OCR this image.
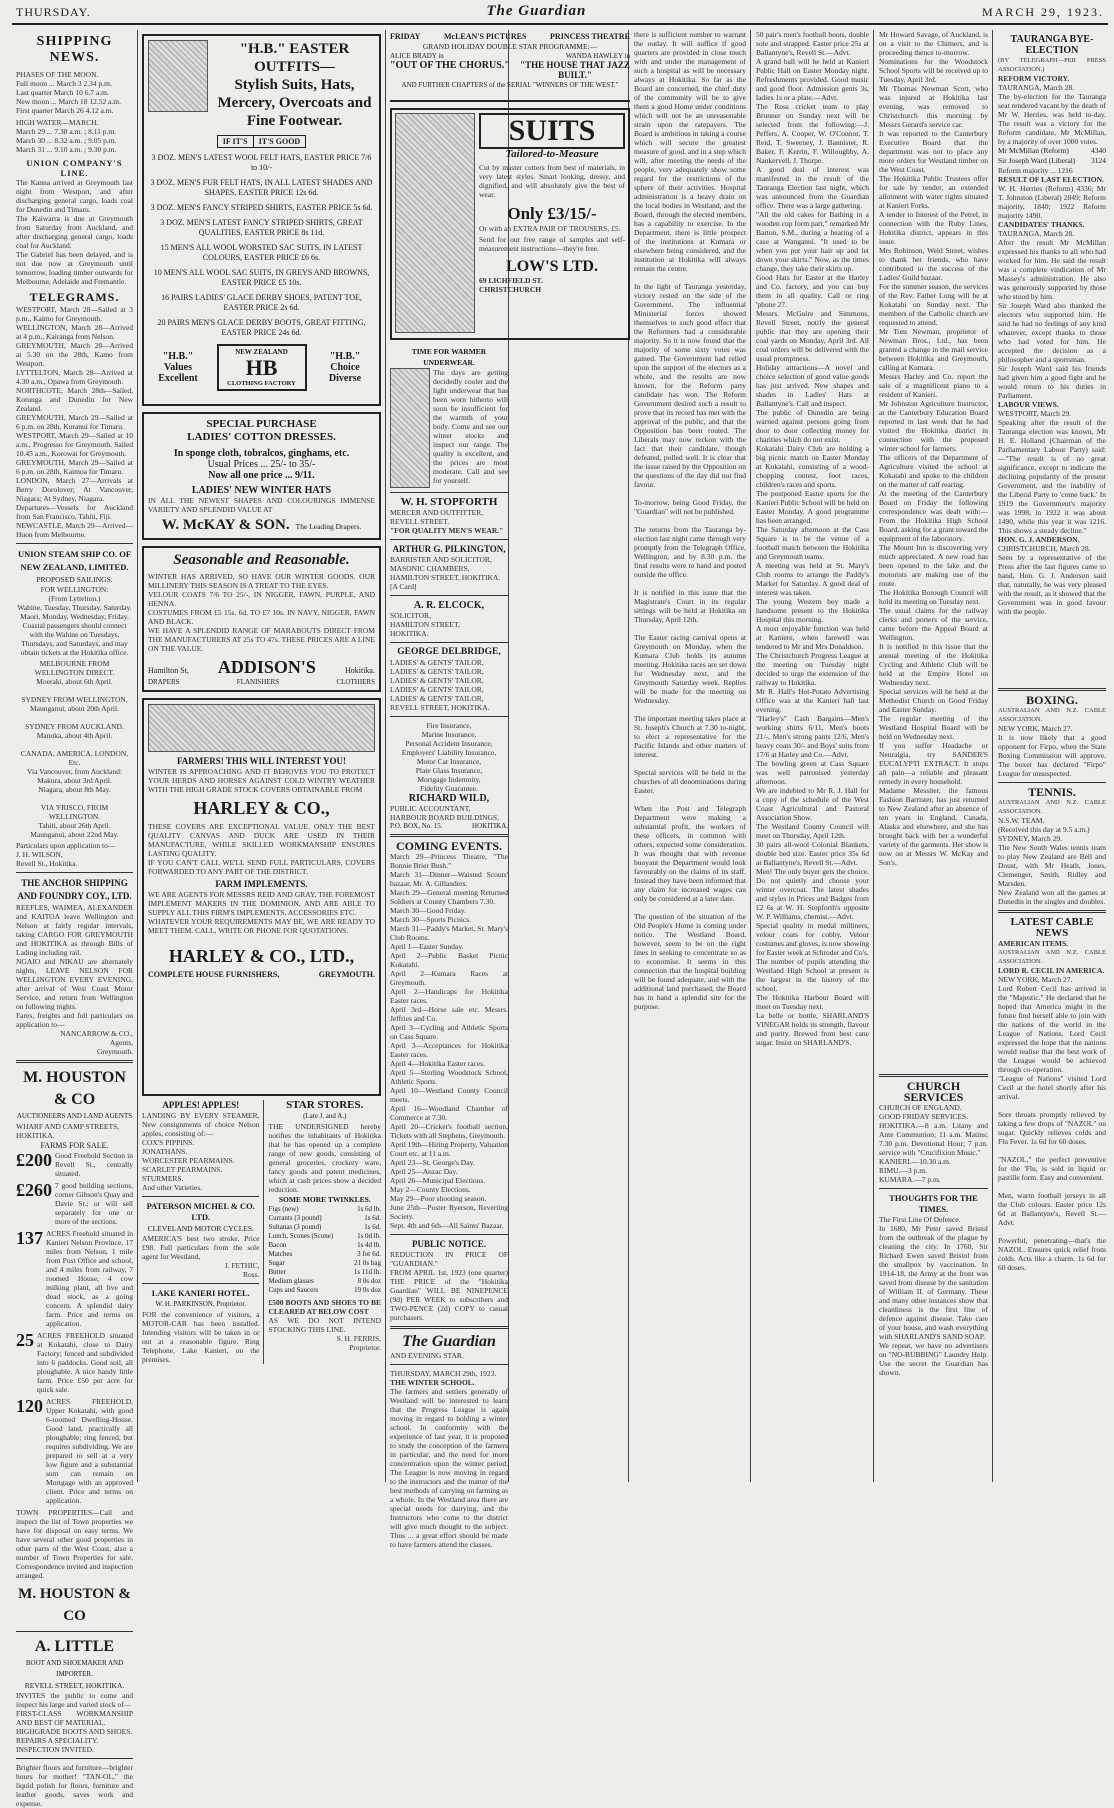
THURSDAY.	The Guardian	MARCH 29, 1923.
SHIPPING NEWS.
PHASES OF THE MOON.
Full moon ... March 3 2.34 p.m.
Last quarter March 10 6.7 a.m.
New moon ... March 18 12.52 a.m.
First quarter March 26 4.12 a.m.
HIGH WATER—MARCH.
March 29 ... 7.38 a.m. ; 8.11 p.m.
March 30 ... 8.32 a.m. ; 9.05 p.m.
March 31 ... 9.10 a.m. ; 9.30 p.m.
UNION COMPANY'S LINE.
The Kanna arrived at Greymouth last night from Westport, and after discharging general cargo, loads coal for Dunedin and Timaru.
The Kaiwarra is due at Greymouth from Saturday from Auckland, and after discharging general cargo, loads coal for Auckland.
The Gabriel has been delayed, and is not due now at Greymouth until tomorrow, loading timber outwards for Melbourne, Adelaide and Fremantle.
TELEGRAMS.
WESTPORT, March 28—Sailed at 3 p.m., Kaimo for Greymouth.
WELLINGTON, March 28—Arrived at 4 p.m., Kairanga from Nelson.
GREYMOUTH, March 28—Arrived at 5.30 on the 28th, Kamo from Westport.
LYTTELTON, March 28—Arrived at 4.30 a.m., Opawa from Greymouth.
NORTHCOTE, March 28th—Sailed, Kotunga and Dunedin for New Zealand.
GREYMOUTH, March 29—Sailed at 6 p.m. on 28th, Koranui for Timaru.
WESTPORT, March 29—Sailed at 10 a.m., Progresso for Greymouth. Sailed 10.45 a.m., Korowai for Greymouth.
GREYMOUTH, March 29—Sailed at 6 p.m. on 28th, Kaimoa for Timaru.
LONDON, March 27—Arrivals at Berry Dorolover; At Vancouver, Niagara; At Sydney, Niagara.
Departures—Vessels for Auckland from San Francisco, Tahiti, Fiji.
NEWCASTLE, March 29—Arrived—Huon from Melbourne.
UNION STEAM SHIP CO. OF NEW ZEALAND, LIMITED.
PROPOSED SAILINGS.
FOR WELLINGTON:
(From Lyttelton.)
Wahine, Tuesday, Thursday, Saturday.
Maori, Monday, Wednesday, Friday.
Coastal passengers should connect with the Wahine on Tuesdays, Thursdays, and Saturdays, and may obtain tickets at the Hokitika office.
MELBOURNE FROM WELLINGTON DIRECT.
Moeraki, about 6th April.

SYDNEY FROM WELLINGTON.
Maunganui, about 20th April.

SYDNEY FROM AUCKLAND.
Manuka, about 4th April.

CANADA, AMERICA, LONDON, Etc.
Via Vancouver, from Auckland:
Makura, about 3rd April.
Niagara, about 8th May.

VIA 'FRISCO, FROM WELLINGTON.
Tahiti, about 26th April.
Maunganui, about 22nd May.
Particulars upon application to—
J. H. WILSON,
Revell St., Hokitika.
THE ANCHOR SHIPPING AND FOUNDRY COY., LTD.
REEFLES, WAIMEA, ALEXANDER and KAITOA leave Wellington and Nelson at fairly regular intervals, taking CARGO FOR GREYMOUTH and HOKITIKA as through Bills of Lading including rail.
NGAIO and NIKAU are alternately nights, LEAVE NELSON FOR WELLINGTON EVERY EVENING, after arrival of West Coast Motor Service, and return from Wellington on following nights.
Fares, freights and full particulars on application to—
NANCARROW & CO.,
Agents,
Greymouth.
M. HOUSTON & CO
AUCTIONEERS AND LAND AGENTS
WHARF AND CAMP STREETS,
HOKITIKA.
FARMS FOR SALE.
£200 Good Freehold Section in Revell St., centrally situated.
£260 7 good building sections, corner Gibson's Quay and Davie St.; or will sell separately for one or more of the sections.
137 ACRES Freehold situated in Kanieri Nelson Province, 17 miles from Nelson, 1 mile from Post Office and school, and 4 miles from railway, 7 roomed House, 4 cow milking plant, all live and dead stock, as a going concern. A splendid dairy farm. Price and terms on application.
25 ACRES FREEHOLD situated at Kokatahi, close to Dairy Factory; fenced and subdivided into 6 paddocks. Good soil, all ploughable. A nice handy little farm. Price £50 per acre for quick sale.
120 ACRES FREEHOLD, Upper Kokatahi, with good 6-roomed Dwelling-House. Good land, practically all ploughable; ring fenced, but requires subdividing. We are prepared to sell at a very low figure and a substantial sum can remain on Mortgage with an approved client. Price and terms on application.
TOWN PROPERTIES—Call and inspect the list of Town properties we have for disposal on easy terms. We have several other good properties in other parts of the West Coast, also a number of Town Properties for sale. Correspondence invited and inspection arranged.
M. HOUSTON & CO
A. LITTLE
BOOT AND SHOEMAKER AND IMPORTER.
REVELL STREET, HOKITIKA.
INVITES the public to come and inspect his large and varied stock of—
FIRST-CLASS WORKMANSHIP AND BEST OF MATERIAL.
HIGHGRADE BOOTS AND SHOES.
REPAIRS A SPECIALITY.
INSPECTION INVITED.
Brighter floors and furniture—brighter hours for mother! "TAN-OL," the liquid polish for floors, furniture and leather goods, saves work and expense.
"H.B." EASTER OUTFITS—
Stylish Suits, Hats, Mercery, Overcoats and Fine Footwear.
IF IT'S	IT'S GOOD
3 DOZ. MEN'S LATEST WOOL FELT HATS, EASTER PRICE 7/6 to 10/-
3 DOZ. MEN'S FUR FELT HATS, IN ALL LATEST SHADES AND SHAPES, EASTER PRICE 12s 6d.
3 DOZ. MEN'S FANCY STRIPED SHIRTS, EASTER PRICE 5s 6d.
3 DOZ. MEN'S LATEST FANCY STRIPED SHIRTS, GREAT QUALITIES, EASTER PRICE 8s 11d.
15 MEN'S ALL WOOL WORSTED SAC SUITS, IN LATEST COLOURS, EASTER PRICE £6 6s.
10 MEN'S ALL WOOL SAC SUITS, IN GREYS AND BROWNS, EASTER PRICE £5 10s.
16 PAIRS LADIES' GLACE DERBY SHOES, PATENT TOE, EASTER PRICE 2s 6d.
20 PAIRS MEN'S GLACE DERBY BOOTS, GREAT FITTING, EASTER PRICE 24s 6d.
"H.B."
Values
Excellent
NEW ZEALAND
HB
CLOTHING FACTORY
"H.B."
Choice
Diverse
SPECIAL PURCHASE
LADIES' COTTON DRESSES.
In sponge cloth, tobralcos, ginghams, etc.
Usual Prices ... 25/- to 35/-
Now all one price ... 9/11.
LADIES' NEW WINTER HATS
IN ALL THE NEWEST SHAPES AND COLOURINGS IMMENSE VARIETY AND SPLENDID VALUE AT
W. McKAY & SON. The Leading Drapers.
Seasonable and Reasonable.
WINTER HAS ARRIVED, SO HAVE OUR WINTER GOODS. OUR MILLINERY THIS SEASON IS A TREAT TO THE EYES.
VELOUR COATS 7/6 TO 25/-, IN NIGGER, FAWN, PURPLE, AND HENNA.
COSTUMES FROM £5 15s. 6d. TO £7 10s. IN NAVY, NIGGER, FAWN AND BLACK.
WE HAVE A SPLENDID RANGE OF MARABOUTS DIRECT FROM THE MANUFACTURERS AT 25s TO 47s. THESE PRICES ARE A LINE ON THE VALUE.
Hamilton St, ADDISON'S	Hokitika.
DRAPERS	FLANISHERS	CLOTHIERS
FARMERS! THIS WILL INTEREST YOU!
WINTER IS APPROACHING AND IT BEHOVES YOU TO PROTECT YOUR HERDS AND HORSES AGAINST COLD WINTRY WEATHER WITH THE HIGH GRADE STOCK COVERS OBTAINABLE FROM
HARLEY & CO.,
THESE COVERS ARE EXCEPTIONAL VALUE. ONLY THE BEST QUALITY CANVAS AND DUCK ARE USED IN THEIR MANUFACTURE, WHILE SKILLED WORKMANSHIP ENSURES LASTING QUALITY.
IF YOU CAN'T CALL WE'LL SEND FULL PARTICULARS, COVERS FORWARDED TO ANY PART OF THE DISTRICT.
FARM IMPLEMENTS.
WE ARE AGENTS FOR MESSRS REID AND GRAY, THE FOREMOST IMPLEMENT MAKERS IN THE DOMINION, AND ARE ABLE TO SUPPLY ALL THIS FIRM'S IMPLEMENTS, ACCESSORIES ETC.
WHATEVER YOUR REQUIREMENTS MAY BE, WE ARE READY TO MEET THEM. CALL, WRITE OR PHONE FOR QUOTATIONS.
HARLEY & CO., LTD.,
COMPLETE HOUSE FURNISHERS,	GREYMOUTH.
APPLES! APPLES!
LANDING BY EVERY STEAMER, New consignments of choice Nelson apples, consisting of:—
COX'S PIPPINS.
JONATHANS.
WORCESTER PEARMAINS.
SCARLET PEARMAINS.
STURMERS.
And other Varieties.
PATERSON MICHEL & CO. LTD.
CLEVELAND MOTOR CYCLES.
AMERICA'S best two stroke. Price £98. Full particulars from the sole agent for Westland,
J. FETHIC,
Ross.
LAKE KANIERI HOTEL.
W. H. PARKINSON, Proprietor.
FOR the convenience of visitors, a MOTOR-CAR has been installed. Intending visitors will be taken in or out at a reasonable figure. Ring Telephone, Lake Kanieri, on the premises.
STAR STORES.
(Late J. and A.)
THE UNDERSIGNED hereby notifies the inhabitants of Hokitika that he has opened up a complete range of new goods, consisting of general groceries, crockery ware, fancy goods and patent medicines, which at cash prices show a decided reduction.
SOME MORE TWINKLES.
Figs (new)	1s 6d lb.
Currants (3 pound)	1s 6d.
Sultanas (3 pound)	1s 6d.
Lunch, Scones (Scone)	1s 0d lb.
Bacon	1s 4d lb.
Matches	3 for 6d.
Sugar	21 0s bag
Butter	1s 11d lb.
Medium glasses	8 0s doz
Cups and Saucers	19 0s doz
£500 BOOTS AND SHOES TO BE CLEARED AT BELOW COST
AS WE DO NOT INTEND STOCKING THIS LINE.
S. H. FERRIS,
Proprietor.
FRIDAY	McLEAN'S PICTURES	PRINCESS THEATRE
GRAND HOLIDAY DOUBLE STAR PROGRAMME:—
ALICE BRADY in	WANDA HAWLEY in
"OUT OF THE CHORUS." "THE HOUSE THAT JAZZ BUILT."
AND FURTHER CHAPTERS of the SERIAL "WINNERS OF THE WEST."
SUITS
Tailored-to-Measure
Cut by master cutters from best of materials, in very latest styles. Smart looking, dressy, and dignified, and will absolutely give the best of wear.
Only £3/15/-
Or with an EXTRA PAIR OF TROUSERS, £5.
Send for our free range of samples and self-measurement instructions—they're free.
LOW'S LTD.
69 LICHFIELD ST.
CHRISTCHURCH
TIME FOR WARMER UNDERWEAR.
The days are getting decidedly cooler and the light underwear that has been worn hitherto will soon be insufficient for the warmth of your body. Come and see our winter stocks and inspect our range. The quality is excellent, and the prices are most moderate. Call and see for yourself.
W. H. STOPFORTH
MERCER AND OUTFITTER,
REVELL STREET.
"FOR QUALITY MEN'S WEAR."
ARTHUR G. PILKINGTON,
BARRISTER AND SOLICITOR,
MASONIC CHAMBERS,
HAMILTON STREET, HOKITIKA.
[A Card]
A. R. ELCOCK,
SOLICITOR,
HAMILTON STREET,
HOKITIKA.
GEORGE DELBRIDGE,
LADIES' & GENTS' TAILOR,
LADIES' & GENTS' TAILOR,
LADIES' & GENTS' TAILOR,
LADIES' & GENTS' TAILOR,
LADIES' & GENTS' TAILOR,
REVELL STREET, HOKITIKA.
Fire Insurance,
Marine Insurance,
Personal Accident Insurance,
Employers' Liability Insurance,
Motor Car Insurance,
Plate Glass Insurance,
Mortgage Indemnity,
Fidelity Guarantee.
RICHARD WILD,
PUBLIC ACCOUNTANT,
HARBOUR BOARD BUILDINGS,
P.O. BOX, No. 15.	HOKITIKA.
COMING EVENTS.
March 29—Princess Theatre, "The Bonnie Brier Bush."
March 31—Dinner—Waisted Scouts' bazaar, Mr. A. Gillanders.
March 29—General meeting Returned Soldiers at County Chambers 7.30.
March 30—Good Friday.
March 30—Sports Picnics.
March 31—Paddy's Market, St. Mary's Club Rooms.
April 1—Easter Sunday.
April 2—Public Basket Picnic Kokatahi.
April 2—Kumara Races at Greymouth.
April 2—Handicaps for Hokitika Easter races.
April 3rd—Horse sale etc. Messrs. Jeffries and Co.
April 3—Cycling and Athletic Sports on Cass Square.
April 3—Acceptances for Hokitika Easter races.
April 4—Hokitika Easter races.
April 5—Sterling Woodstock School, Athletic Sports.
April 10—Westland County Council meets.
April 16—Woodland Chamber of Commerce at 7.30.
April 20—Cricket's football section, Tickets with all Stephens, Greymouth.
April 19th—Hiring Property, Valuation Court etc. at 11 a.m.
April 23—St. George's Day.
April 25—Anzac Day.
April 26—Municipal Elections.
May 2—County Elections.
May 29—Poor shooting season.
June 25th—Poster Ryerson, Reverting Society.
Sept. 4th and 6th—All Saints' Bazaar.
PUBLIC NOTICE.
REDUCTION IN PRICE OF "GUARDIAN."
FROM APRIL 1st, 1923 (one quarter) THE PRICE of the "Hokitika Guardian" WILL BE NINEPENCE (9d) PER WEEK to subscribers and TWO-PENCE (2d) COPY to casual purchasers.
The Guardian
AND EVENING STAR.
THURSDAY, MARCH 29th, 1923.
THE WINTER SCHOOL.
The farmers and settlers generally of Westland will be interested to learn that the Progress League is again moving in regard to holding a winter school. In conformity with the experience of last year, it is proposed to study the conception of the farmers in particular, and the need for more concentration upon the winter period. The League is now moving in regard to the instructors and the matter of the best methods of carrying on farming as a whole. In the Westland area there are special needs for dairying, and the Instructors who come to the district will give much thought to the subject. Thus ... a great effort should be made to have farmers attend the classes.
there is sufficient number to warrant the outlay. It will suffice if good quarters are provided in close touch with and under the management of such a hospital as will be necessary always at Hokitika. So far as the Board are concerned, the chief duty of the community will be to give them a good Home under conditions which will not be an unreasonable strain upon the ratepayers. The Board is ambitious in taking a course which will secure the greatest measure of good, and in a step which will, after meeting the needs of the people, very adequately show some regard for the restrictions of the sphere of their activities. Hospital administration is a heavy drain on the local bodies in Westland, and the Board, through the elected members, has a capability to exercise. In the Department, there is little prospect of the institutions at Kumara or elsewhere being considered, and the institution at Hokitika will always remain the centre.

In the light of Tauranga yesterday, victory rested on the side of the Government. The influential Ministerial forces showed themselves to such good effect that the Reformers had a considerable majority. So it is now found that the majority of some sixty votes was gained. The Government had relied upon the support of the electors as a whole, and the results are now known, for the Reform party candidate has won. The Reform Government desired such a result to prove that its record has met with the approval of the public, and that the Opposition has been routed. The Liberals may now reckon with the fact that their candidate, though defeated, polled well. It is clear that the issue raised by the Opposition on the questions of the day did not find favour.

To-morrow, being Good Friday, the "Guardian" will not be published.

The returns from the Tauranga by-election last night came through very promptly from the Telegraph Office, Wellington, and by 8.30 p.m. the final results were to hand and posted outside the office.

It is notified in this issue that the Magistrate's Court in its regular sittings will be held at Hokitika on Thursday, April 12th.

The Easter racing carnival opens at Greymouth on Monday, when the Kumara Club holds its autumn meeting. Hokitika races are set down for Wednesday next, and the Greymouth Saturday week. Replies will be made for the meeting on Wednesday.

The important meeting takes place at St. Joseph's Church at 7.30 to-night, to elect a representative for the Pacific Islands and other matters of interest.

Special services will be held in the churches of all denominations during Easter.

When the Post and Telegraph Department were making a substantial profit, the workers of these officers, in common with others, expected some consideration. It was thought that with revenue buoyant the Department would look favourably on the claims of its staff. Instead they have been informed that any claim for increased wages can only be considered at a later date.

The question of the situation of the Old People's Home is coming under notice. The Westland Board, however, seem to be on the right lines in seeking to concentrate so as to economise. It seems in this connection that the hospital building will be found adequate, and with the additional land purchased, the Board has in hand a splendid site for the purpose.
50 pair's men's football boots, double sole and strapped. Easter price 25s at Ballantyne's, Revell St.—Advt.
A grand ball will be held at Kanieri Public Hall on Easter Monday night. Refreshments provided. Good music and good floor. Admission gents 3s, ladies 1s or a plate.—Advt.
The Ross cricket team to play Brunner on Sunday next will be selected from the following:—J. Peffers, A. Cooper, W. O'Connor, T. Reid, T. Sweeney, J. Bannister, R. Baker, F. Kerrin, F. Willoughby, A. Nankervell, J. Thorpe.
A good deal of interest was manifested in the result of the Tauranga Election last night, which was announced from the Guardian office. There was a large gathering.
"All the old cakes for Bathing in a wooden cup form part," remarked Mr Barton, S.M., during a hearing of a case at Wanganui. "It used to be when you put your hair up and let down your skirts." Now, as the times change, they take their skirts up.
Good Hats for Easter at the Harley and Co. factory, and you can buy them in all quality. Call or ring 'phone 27.
Messrs. McGuire and Simmons, Revell Street, notify the general public that they are opening their coal yards on Monday, April 3rd. All coal orders will be delivered with the usual promptness.
Holiday attractions—A novel and choice selection of good value goods has just arrived. New shapes and shades in Ladies' Hats at Ballantyne's. Call and inspect.
The public of Dunedin are being warned against persons going from door to door collecting money for charities which do not exist.
Kokatahi Dairy Club are holding a big picnic match on Easter Monday at Kokatahi, consisting of a wood-chopping contest, foot races, children's races and sports.
The postponed Easter sports for the Kanieri Public School will be held on Easter Monday. A good programme has been arranged.
The Saturday afternoon at the Cass Square is to be the venue of a football match between the Hokitika and Greymouth teams.
A meeting was held at St. Mary's Club rooms to arrange the Paddy's Market for Saturday. A good deal of interest was taken.
The young Western boy made a handsome present to the Hokitika Hospital this morning.
A most enjoyable function was held at Kaniere, when farewell was tendered to Mr and Mrs Donaldson.
The Christchurch Progress League at the meeting on Tuesday night decided to urge the extension of the railway to Hokitika.
Mr R. Hall's Hot-Potato Advertising Office was at the Kanieri hall last evening.
"Harley's" Cash Bargains—Men's working shirts 6/11, Men's boots 21/-, Men's strong pants 12/6, Men's heavy coats 30/- and Boys' suits from 17/6 at Harley and Co.—Advt.
The bowling green at Cass Square was well patronised yesterday afternoon.
We are indebted to Mr R. J. Hall for a copy of the schedule of the West Coast Agricultural and Pastoral Association Show.
The Westland County Council will meet on Thursday, April 12th.
30 pairs all-wool Colonial Blankets, double bed size. Easter price 35s 6d at Ballantyne's, Revell St.—Advt.
Men! The only buyer gets the choice. Do not quietly and choose your winter overcoat. The latest shades and styles in Prices and Badges from £2 6s at W. H. Stopforth's opposite W. P. Williams, chemist.—Advt.
Special quality in medal milliners, velour coats for cobby, Velour costumes and gloves, is now showing for Easter week at Schroder and Co's.
The number of pupils attending the Westland High School at present is the largest in the history of the school.
The Hokitika Harbour Board will meet on Tuesday next.
La belle or bottle, SHARLAND'S VINEGAR holds its strength, flavour and purity. Brewed from best cane sugar. Insist on SHARLAND'S.
Mr Howard Savage, of Auckland, is on a visit to the Chimers, and is proceeding thence to-morrow.
Nominations for the Woodstock School Sports will be received up to Tuesday, April 3rd.
Mr Thomas Newman Scott, who was injured at Hokitika last evening, was removed to Christchurch this morning by Messrs Gerard's service car.
It was reported to the Canterbury Executive Board that the department was not to place any more orders for Westland timber on the West Coast.
The Hokitika Public Trustees offer for sale by tender, an extended allotment with water rights situated at Kanieri Forks.
A tender to Interest of the Petrel, in connection with the Ruby Lines, Hokitika district, appears in this issue.
Mrs Robinson, Weld Street, wishes to thank her friends, who have contributed to the success of the Ladies' Guild bazaar.
For the summer season, the services of the Rev. Father Long will be at Kokatahi on Sunday next. The members of the Catholic church are requested to attend.
Mr Tom Newman, proprietor of Newman Bros., Ltd., has been granted a change in the mail service between Hokitika and Greymouth, calling at Kumara.
Messrs Harley and Co. report the sale of a magnificent piano to a resident of Kanieri.
Mr Johnston Agriculture Instructor, at the Canterbury Education Board reported in last week that he had visited the Hokitika district in connection with the proposed winter school for farmers.
The officers of the Department of Agriculture visited the school at Kokatahi and spoke to the children on the matter of calf rearing.
At the meeting of the Canterbury Board on Friday the following correspondence was dealt with:—From the Hokitika High School Board, asking for a grant toward the equipment of the laboratory.
The Mount Inn is discovering very much appreciated. A new road has been opened to the lake and the motorists are making use of the route.
The Hokitika Borough Council will hold its meeting on Tuesday next.
The usual claims for the railway clerks and porters of the service, came before the Appeal Board at Wellington.
It is notified in this issue that the annual meeting of the Hokitika Cycling and Athletic Club will be held at the Empire Hotel on Wednesday next.
Special services will be held at the Methodist Church on Good Friday and Easter Sunday.
The regular meeting of the Westland Hospital Board will be held on Wednesday next.
If you suffer Headache or Neuralgia, try SANDER'S EUCALYPTI EXTRACT. It stops all pain—a reliable and pleasant remedy in every household.
Madame Messiter, the famous Fashion Barrister, has just returned to New Zealand after an absence of ten years in England, Canada, Alaska and elsewhere, and she has brought back with her a wonderful variety of the garments. Her show is now on at Messrs W. McKay and Son's.
CHURCH SERVICES
CHURCH OF ENGLAND.
GOOD FRIDAY SERVICES.
HOKITIKA.—8 a.m. Litany and Ante Communion; 11 a.m. Matins; 7.30 p.m. Devotional Hour; 7 p.m. service with "Crucifixion Music."
KANIERI.—10.30 a.m.
RIMU.—3 p.m.
KUMARA.—7 p.m.
THOUGHTS FOR THE TIMES.
The First Line Of Defence.
In 1680, Mr Peter saved Bristol from the outbreak of the plague by cleaning the city. In 1760, Sir Richard Ewen saved Bristol from the smallpox by vaccination. In 1914-18, the Army at the front was saved from disease by the sanitation of William II. of Germany. These and many other instances show that cleanliness is the first line of defence against disease. Take care of your house, and wash everything with SHARLAND'S SAND SOAP.
We repeat, we have no advertisers on "NO-RUBBING" Laundry Help. Use the secret the Guardian has shown.
TAURANGA BYE-ELECTION
(BY TELEGRAPH—PER PRESS ASSOCIATION.)
REFORM VICTORY.
TAURANGA, March 28.
The by-election for the Tauranga seat rendered vacant by the death of Mr W. Herries, was held to-day. The result was a victory for the Reform candidate, Mr McMillan, by a majority of over 1000 votes.
Mr McMillan (Reform)	4340
Sir Joseph Ward (Liberal) 3124
Reform majority ... 1216
RESULT OF LAST ELECTION.
W. H. Herries (Reform) 4336; Mr T. Johnston (Liberal) 2849; Reform majority, 1840; 1922 Reform majority 1490.
CANDIDATES' THANKS.
TAURANGA, March 28.
After the result Mr McMillan expressed his thanks to all who had worked for him. He said the result was a complete vindication of Mr Massey's administration. He also was generously supported by those who stood by him.
Sir Joseph Ward also thanked the electors who supported him. He said he had no feelings of any kind whatever, except thanks to those who had voted for him. He accepted the decision as a philosopher and a sportsman.
Sir Joseph Ward said his friends had given him a good fight and he would return to his duties in Parliament.
LABOUR VIEWS.
WESTPORT, March 29.
Speaking after the result of the Tauranga election was known, Mr H. E. Holland (Chairman of the Parliamentary Labour Party) said:—"The result is of no great significance, except to indicate the declining popularity of the present Government, and the inability of the Liberal Party to 'come back.' In 1919 the Government's majority was 1998, in 1922 it was about 1490, while this year it was 1216. This shows a steady decline."
HON. G. J. ANDERSON.
CHRISTCHURCH, March 28.
Seen by a representative of the Press after the last figures came to hand, Hon. G. J. Anderson said that, naturally, he was very pleased with the result, as it showed that the Government was in good favour with the people.
BOXING.
AUSTRALIAN AND N.Z. CABLE ASSOCIATION.
NEW YORK, March 27.
It is now likely that a good opponent for Firpo, when the State Boxing Commission will approve. The boxer has declared "Firpo" League for unsuspected.
TENNIS.
AUSTRALIAN AND N.Z. CABLE ASSOCIATION.
N.S.W. TEAM.
(Received this day at 9.5 a.m.)
SYDNEY, March 29.
The New South Wales tennis team to play New Zealand are Bell and Doust, with Mr Heath, Jones, Clemenger, Smith, Ridley and Marsden.
New Zealand won all the games at Dunedin in the singles and doubles.
LATEST CABLE NEWS
AMERICAN ITEMS.
AUSTRALIAN AND N.Z. CABLE ASSOCIATION.
LORD R. CECIL IN AMERICA.
NEW YORK, March 27.
Lord Robert Cecil has arrived in the "Majestic." He declared that he hoped that America might in the future find herself able to join with the nations of the world in the League of Nations. Lord Cecil expressed the hope that the nations would realise that the best work of the League would be achieved through co-operation.
"League of Nations" visited Lord Cecil at the hotel shortly after his arrival.

Sore throats promptly relieved by taking a few drops of "NAZOL" on sugar. Quickly relieves colds and Flu Fever. 1s 6d for 60 doses.

"NAZOL," the perfect preventive for the 'Flu, is sold in liquid or pastille form. Easy and convenient.

Men, warm football jerseys in all the Club colours. Easter price 12s 6d at Ballantyne's, Revell St.—Advt.

Powerful, penetrating—that's the NAZOL. Ensures quick relief from colds. Acts like a charm. 1s 6d for 60 doses.
